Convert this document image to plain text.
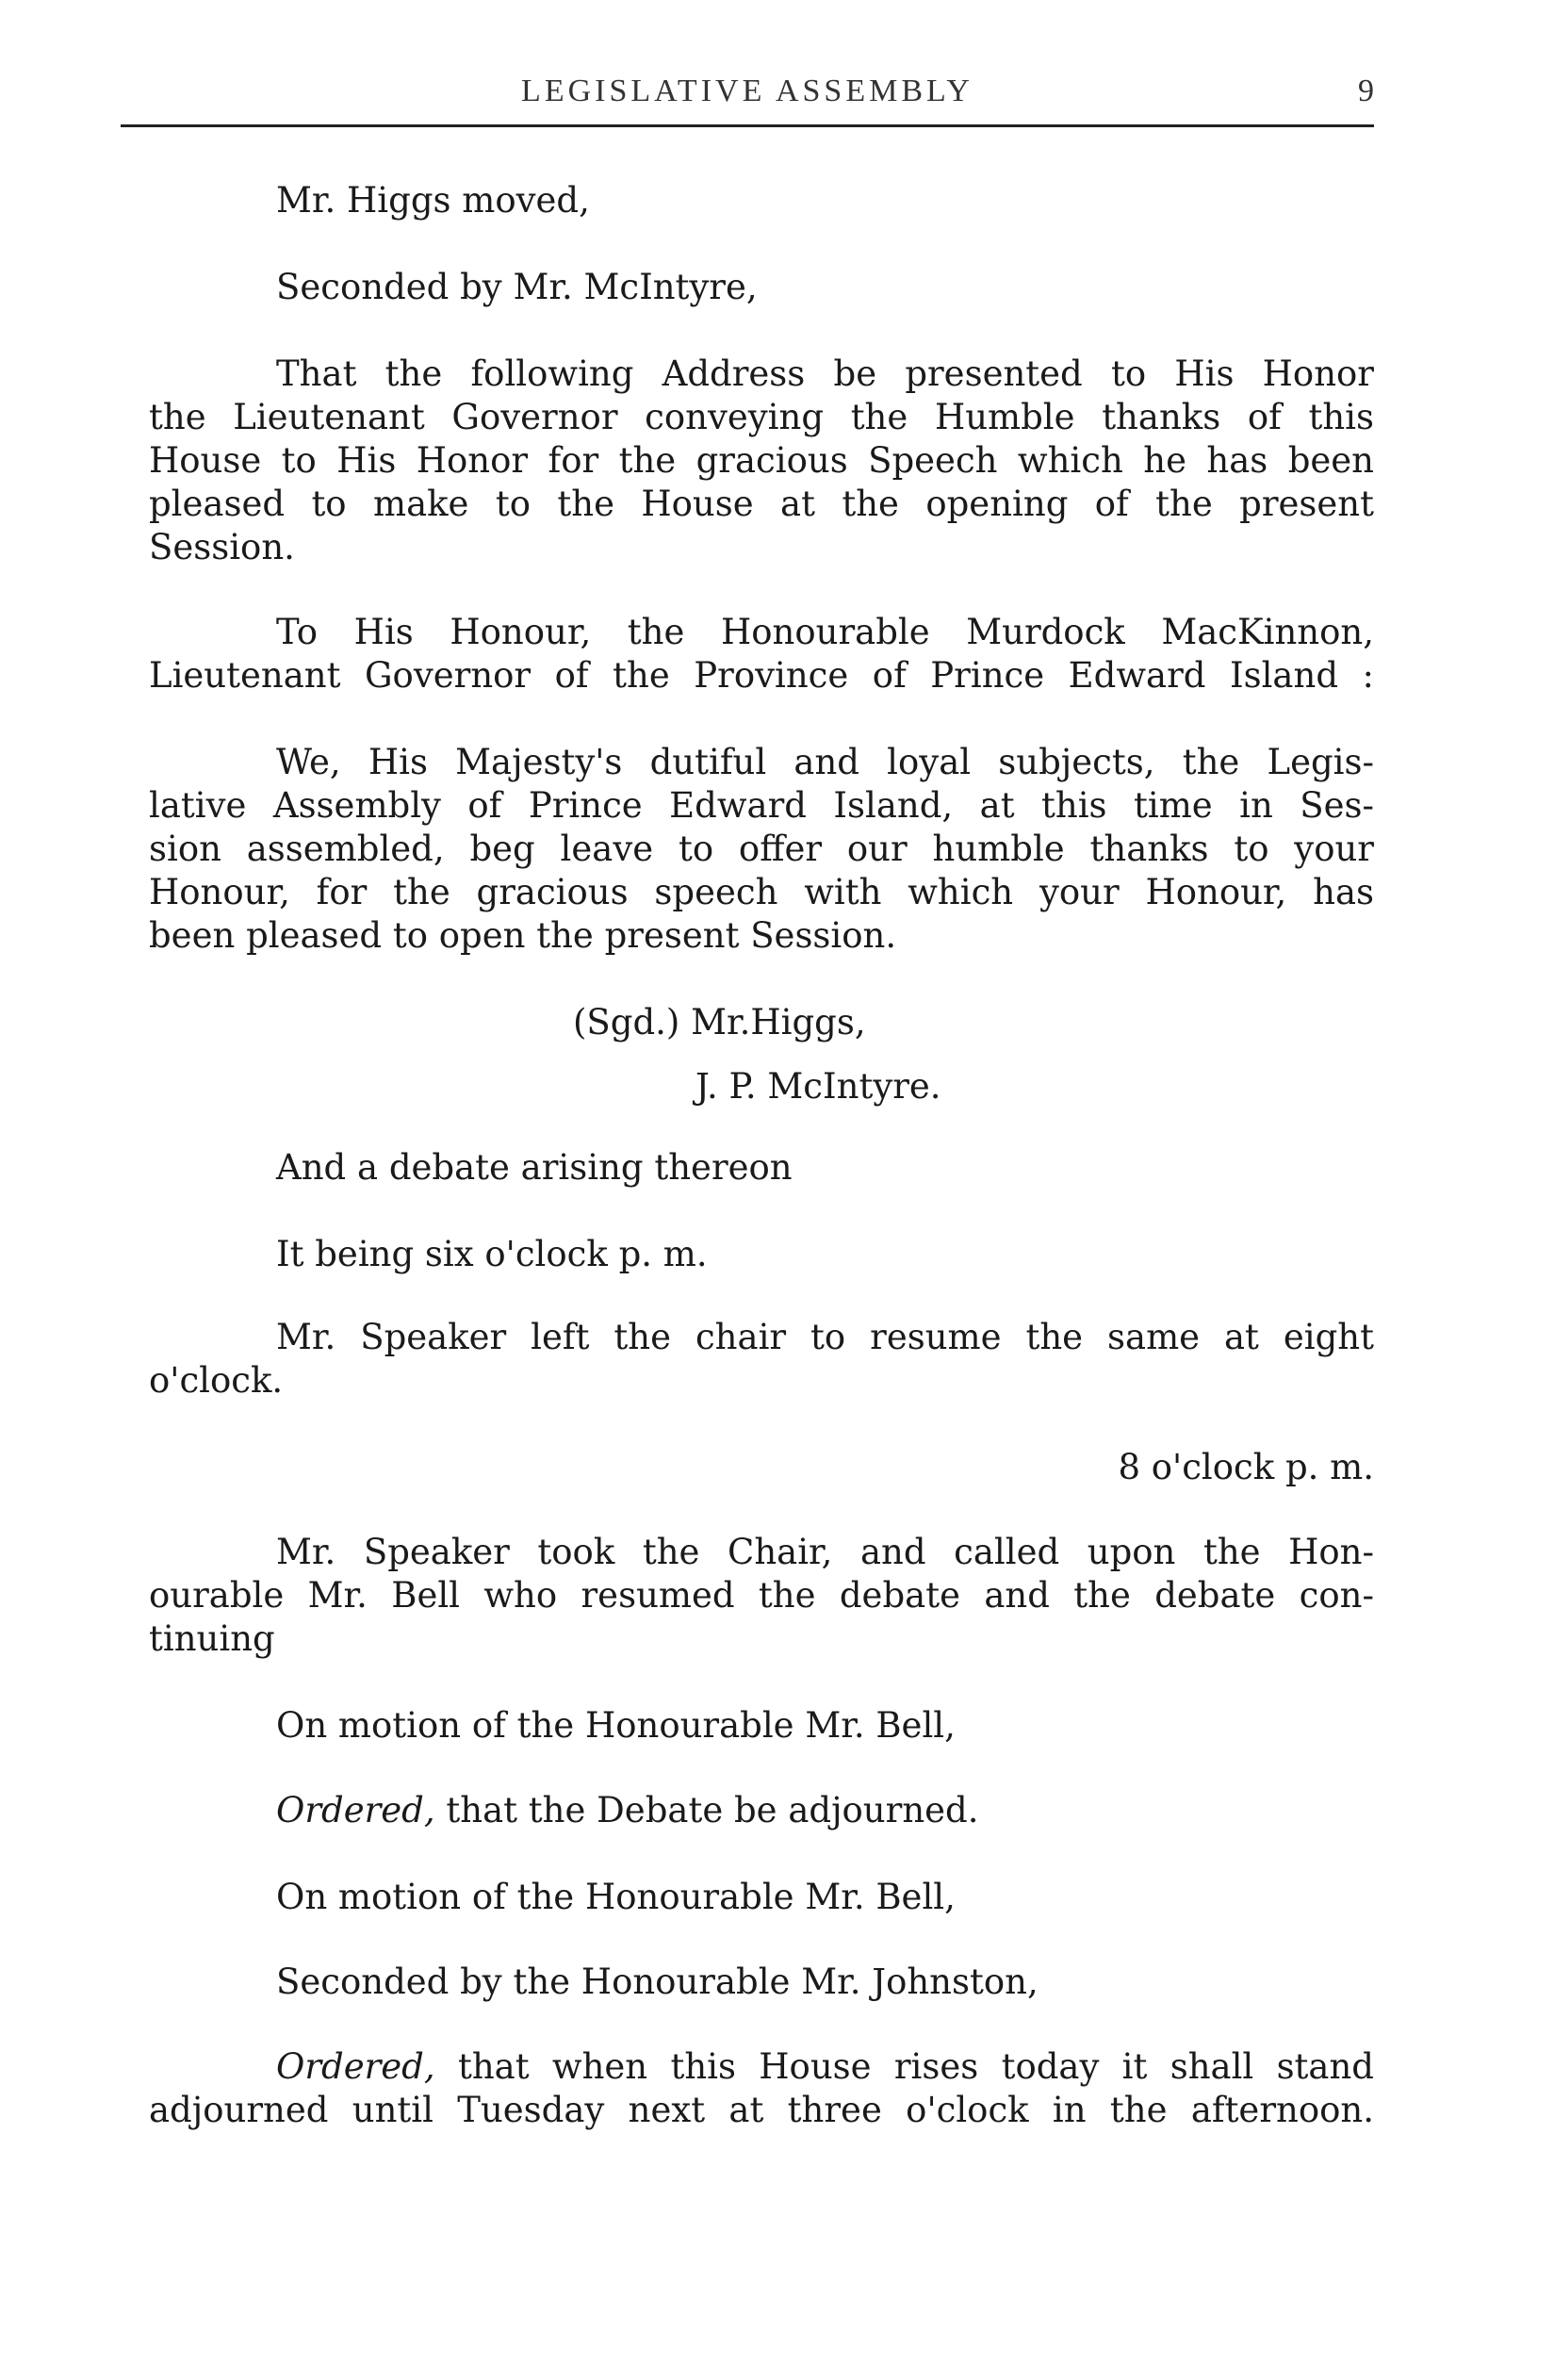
LEGISLATIVE ASSEMBLY	9
Mr. Higgs moved,
Seconded by Mr. McIntyre,
That the following Address be presented to His Honor
the Lieutenant Governor conveying the Humble thanks of this
House to His Honor for the gracious Speech which he has been
pleased to make to the House at the opening of the present
Session.
To His Honour, the Honourable Murdock MacKinnon,
Lieutenant Governor of the Province of Prince Edward Island :
We, His Majesty's dutiful and loyal subjects, the Legis-
lative Assembly of Prince Edward Island, at this time in Ses-
sion assembled, beg leave to offer our humble thanks to your
Honour, for the gracious speech with which your Honour, has
been pleased to open the present Session.
(Sgd.) Mr.Higgs,
J. P. McIntyre.
And a debate arising thereon
It being six o'clock p. m.
Mr. Speaker left the chair to resume the same at eight
o'clock.
8 o'clock p. m.
Mr. Speaker took the Chair, and called upon the Hon-
ourable Mr. Bell who resumed the debate and the debate con-
tinuing
On motion of the Honourable Mr. Bell,
Ordered, that the Debate be adjourned.
On motion of the Honourable Mr. Bell,
Seconded by the Honourable Mr. Johnston,
Ordered, that when this House rises today it shall stand
adjourned until Tuesday next at three o'clock in the afternoon.
